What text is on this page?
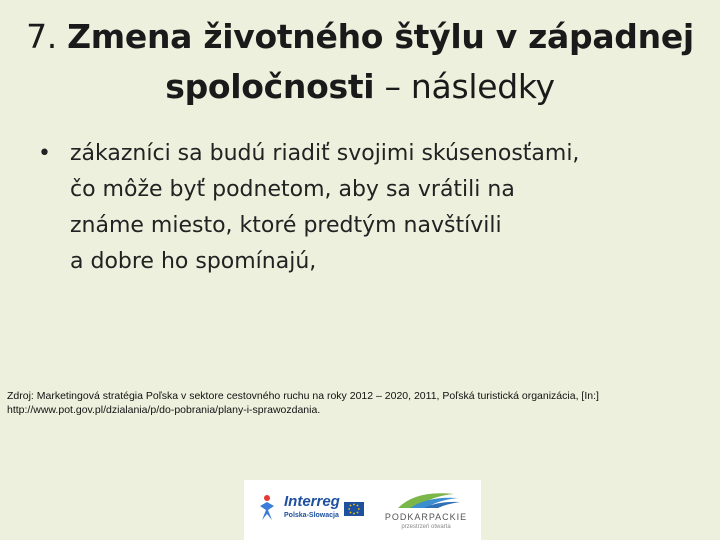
7. Zmena životného štýlu v západnej
spoločnosti – následky
• zákazníci sa budú riadiť svojimi skúsenosťami,
čo môže byť podnetom, aby sa vrátili na
známe miesto, ktoré predtým navštívili
a dobre ho spomínajú,
Zdroj: Marketingová stratégia Poľska v sektore cestovného ruchu na roky 2012 – 2020, 2011, Poľská turistická organizácia, [In:]
http://www.pot.gov.pl/dzialania/p/do-pobrania/plany-i-sprawozdania.
Interreg
Polska-Slowacja	PODKARPACKIE
przestrzeń otwarta
